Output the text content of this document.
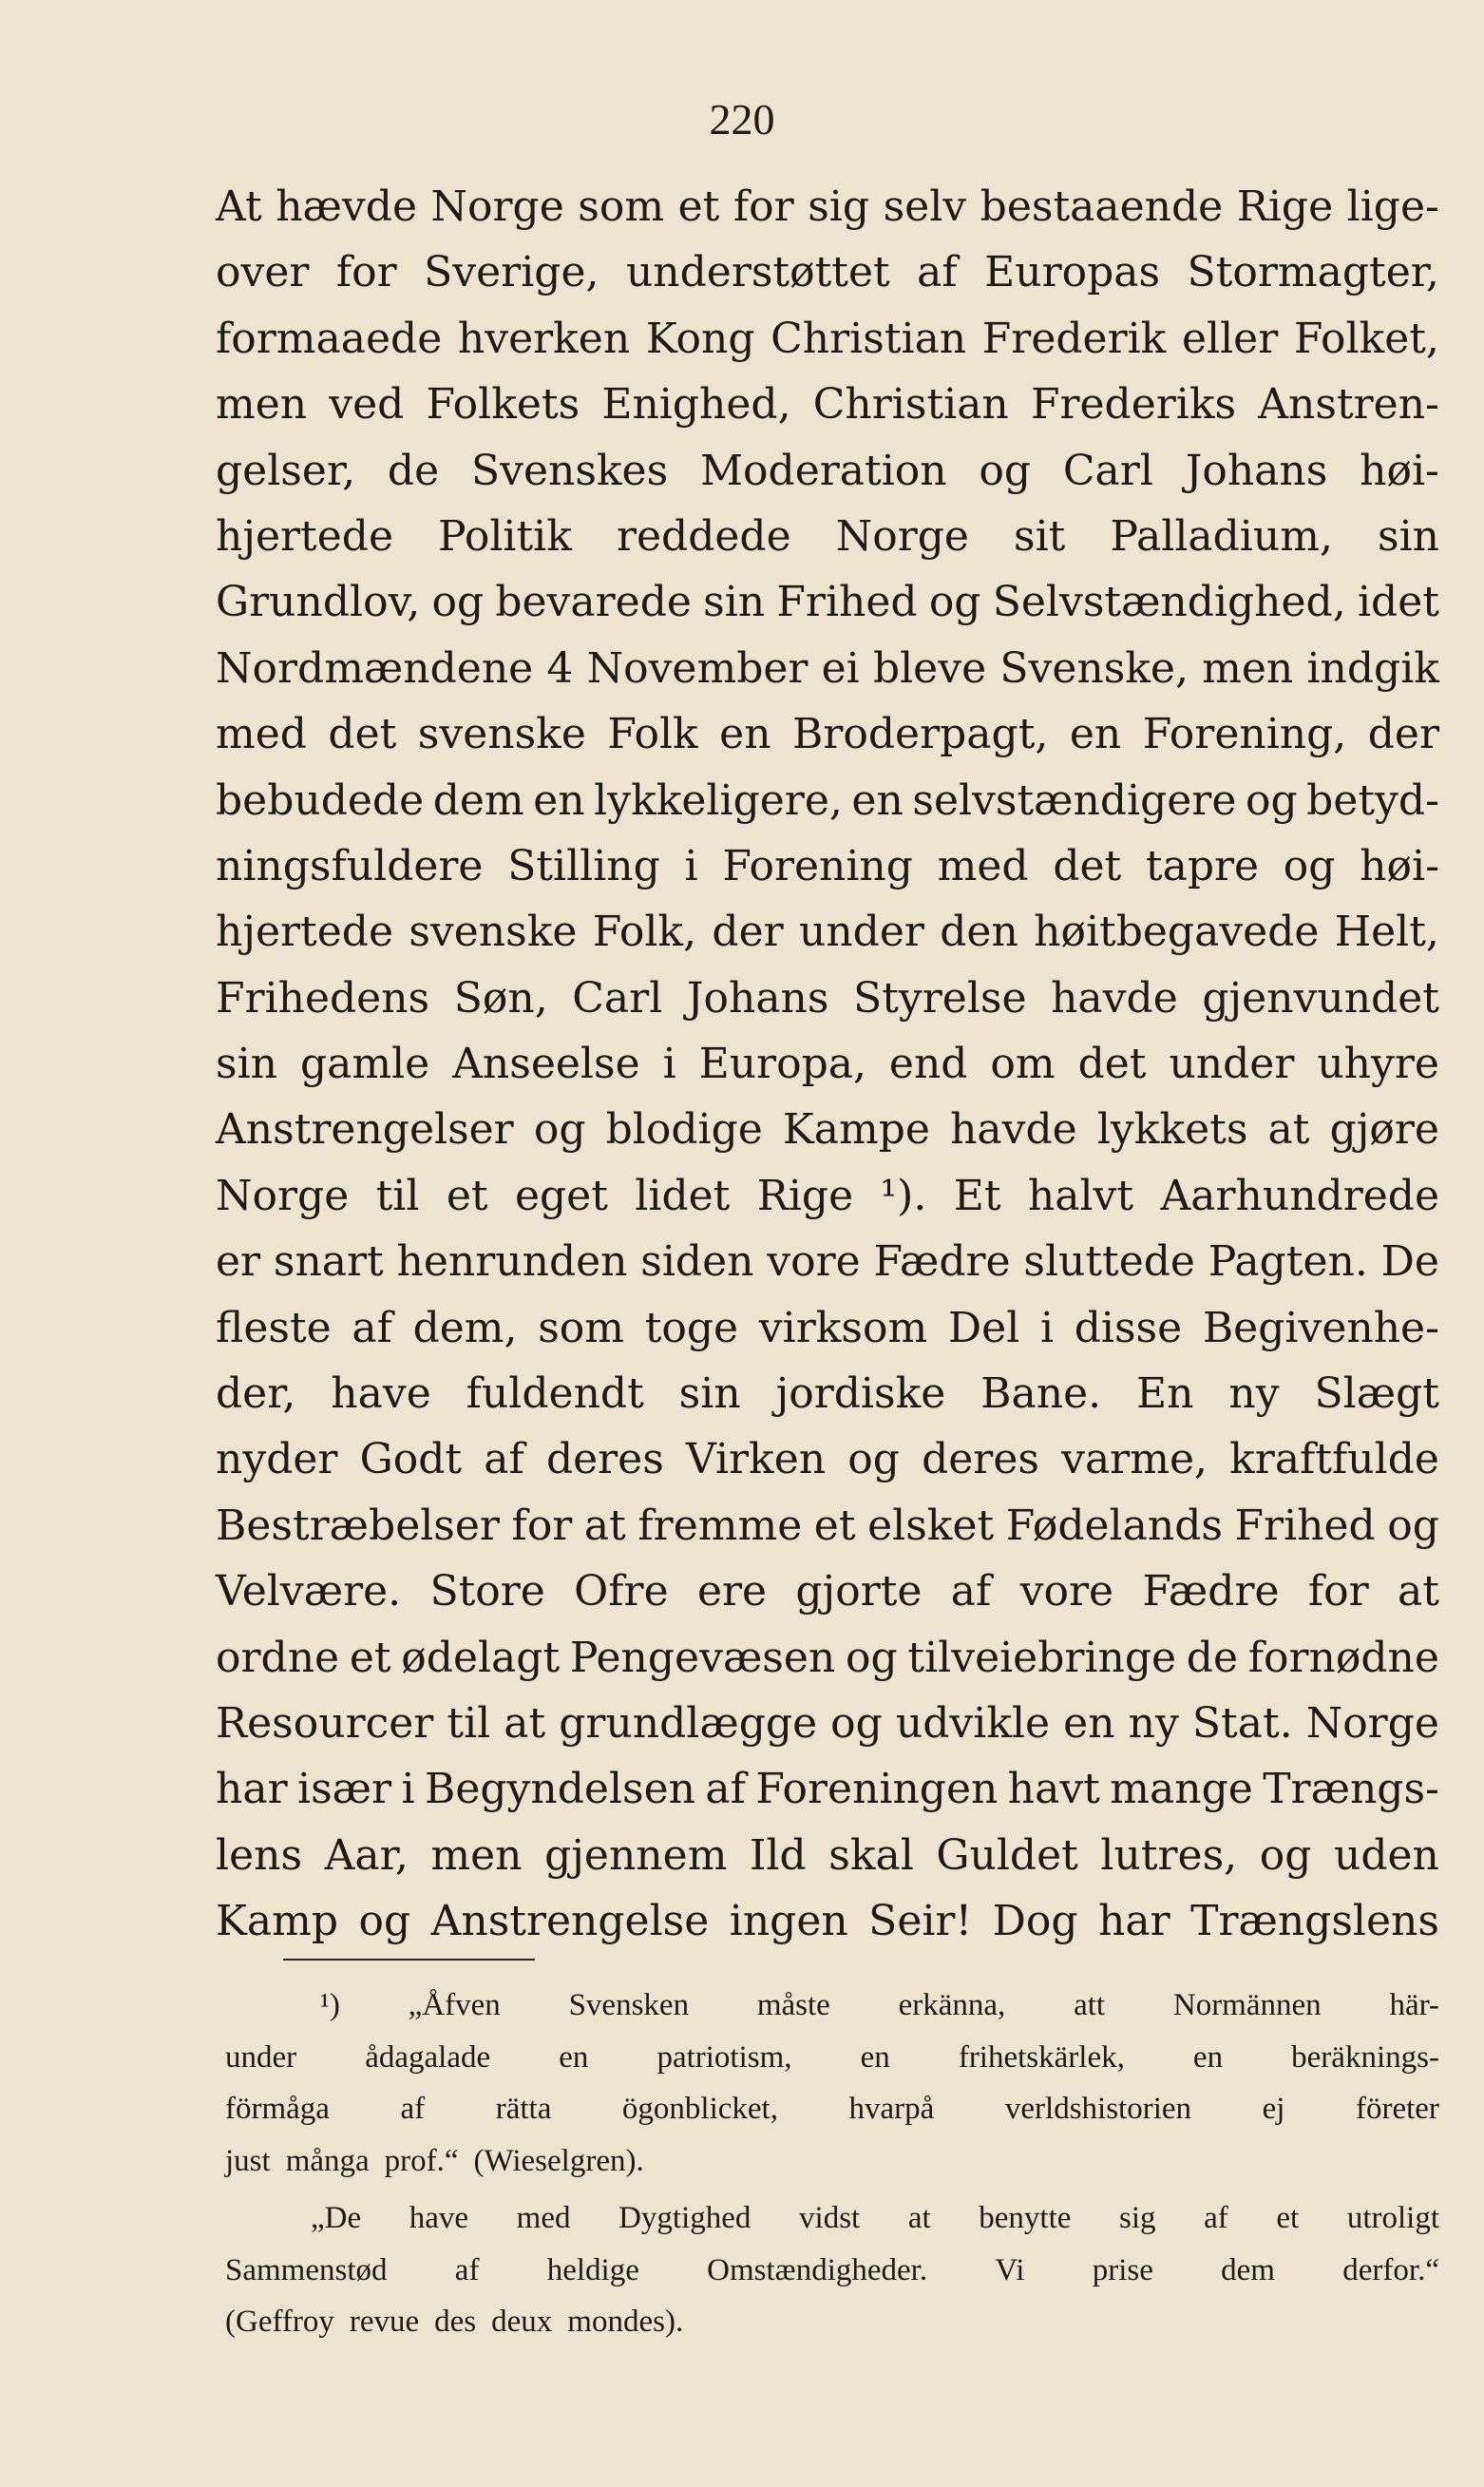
220
At hævde Norge som et for sig selv bestaaende Rige lige-
over for Sverige, understøttet af Europas Stormagter,
formaaede hverken Kong Christian Frederik eller Folket,
men ved Folkets Enighed, Christian Frederiks Anstren-
gelser, de Svenskes Moderation og Carl Johans høi-
hjertede Politik reddede Norge sit Palladium, sin
Grundlov, og bevarede sin Frihed og Selvstændighed, idet
Nordmændene 4 November ei bleve Svenske, men indgik
med det svenske Folk en Broderpagt, en Forening, der
bebudede dem en lykkeligere, en selvstændigere og betyd-
ningsfuldere Stilling i Forening med det tapre og høi-
hjertede svenske Folk, der under den høitbegavede Helt,
Frihedens Søn, Carl Johans Styrelse havde gjenvundet
sin gamle Anseelse i Europa, end om det under uhyre
Anstrengelser og blodige Kampe havde lykkets at gjøre
Norge til et eget lidet Rige ¹). Et halvt Aarhundrede
er snart henrunden siden vore Fædre sluttede Pagten. De
fleste af dem, som toge virksom Del i disse Begivenhe-
der, have fuldendt sin jordiske Bane. En ny Slægt
nyder Godt af deres Virken og deres varme, kraftfulde
Bestræbelser for at fremme et elsket Fødelands Frihed og
Velvære. Store Ofre ere gjorte af vore Fædre for at
ordne et ødelagt Pengevæsen og tilveiebringe de fornødne
Resourcer til at grundlægge og udvikle en ny Stat. Norge
har især i Begyndelsen af Foreningen havt mange Trængs-
lens Aar, men gjennem Ild skal Guldet lutres, og uden
Kamp og Anstrengelse ingen Seir! Dog har Trængslens
¹) „Åfven Svensken måste erkänna, att Normännen här-
under ådagalade en patriotism, en frihetskärlek, en beräknings-
förmåga af rätta ögonblicket, hvarpå verldshistorien ej företer
just många prof.“ (Wieselgren).
„De have med Dygtighed vidst at benytte sig af et utroligt
Sammenstød af heldige Omstændigheder. Vi prise dem derfor.“
(Geffroy revue des deux mondes).
